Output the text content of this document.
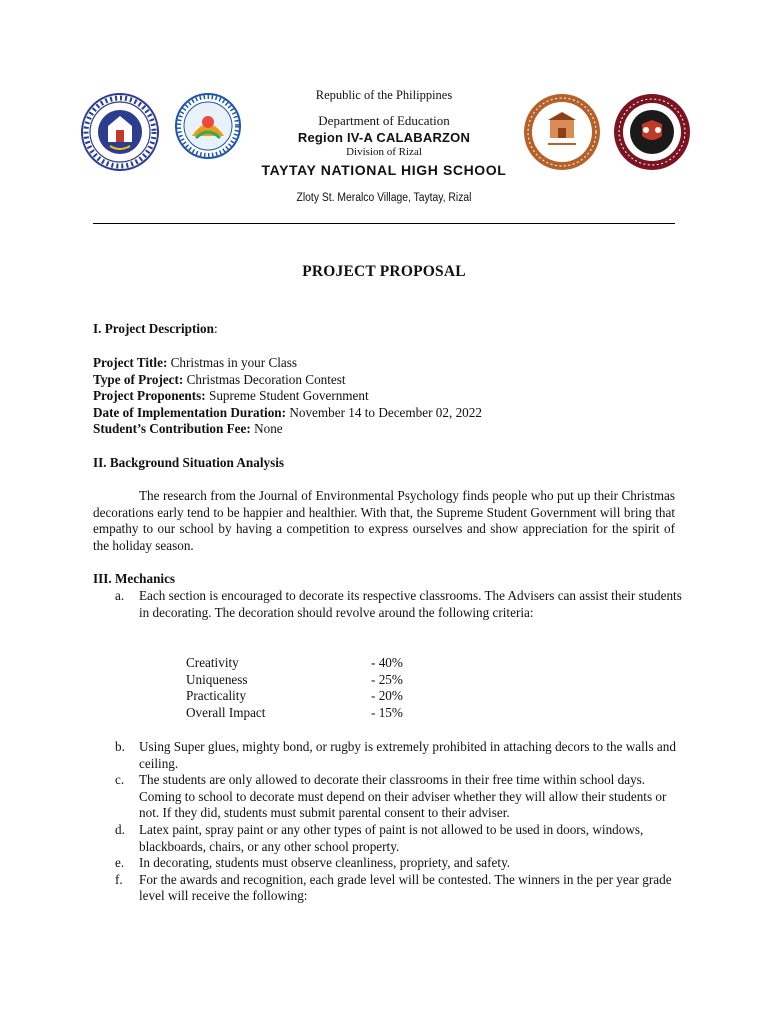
Republic of the Philippines
Department of Education
Region IV-A CALABARZON
Division of Rizal
TAYTAY NATIONAL HIGH SCHOOL
Zloty St. Meralco Village, Taytay, Rizal
PROJECT PROPOSAL
I. Project Description:
Project Title: Christmas in your Class
Type of Project: Christmas Decoration Contest
Project Proponents: Supreme Student Government
Date of Implementation Duration: November 14 to December 02, 2022
Student’s Contribution Fee: None
II. Background Situation Analysis
The research from the Journal of Environmental Psychology finds people who put up their Christmas decorations early tend to be happier and healthier. With that, the Supreme Student Government will bring that empathy to our school by having a competition to express ourselves and show appreciation for the spirit of the holiday season.
III. Mechanics
a. Each section is encouraged to decorate its respective classrooms. The Advisers can assist their students in decorating. The decoration should revolve around the following criteria:
Creativity	- 40%
Uniqueness	- 25%
Practicality	- 20%
Overall Impact	- 15%
b. Using Super glues, mighty bond, or rugby is extremely prohibited in attaching decors to the walls and ceiling.
c. The students are only allowed to decorate their classrooms in their free time within school days. Coming to school to decorate must depend on their adviser whether they will allow their students or not. If they did, students must submit parental consent to their adviser.
d. Latex paint, spray paint or any other types of paint is not allowed to be used in doors, windows, blackboards, chairs, or any other school property.
e. In decorating, students must observe cleanliness, propriety, and safety.
f. For the awards and recognition, each grade level will be contested. The winners in the per year grade level will receive the following:
